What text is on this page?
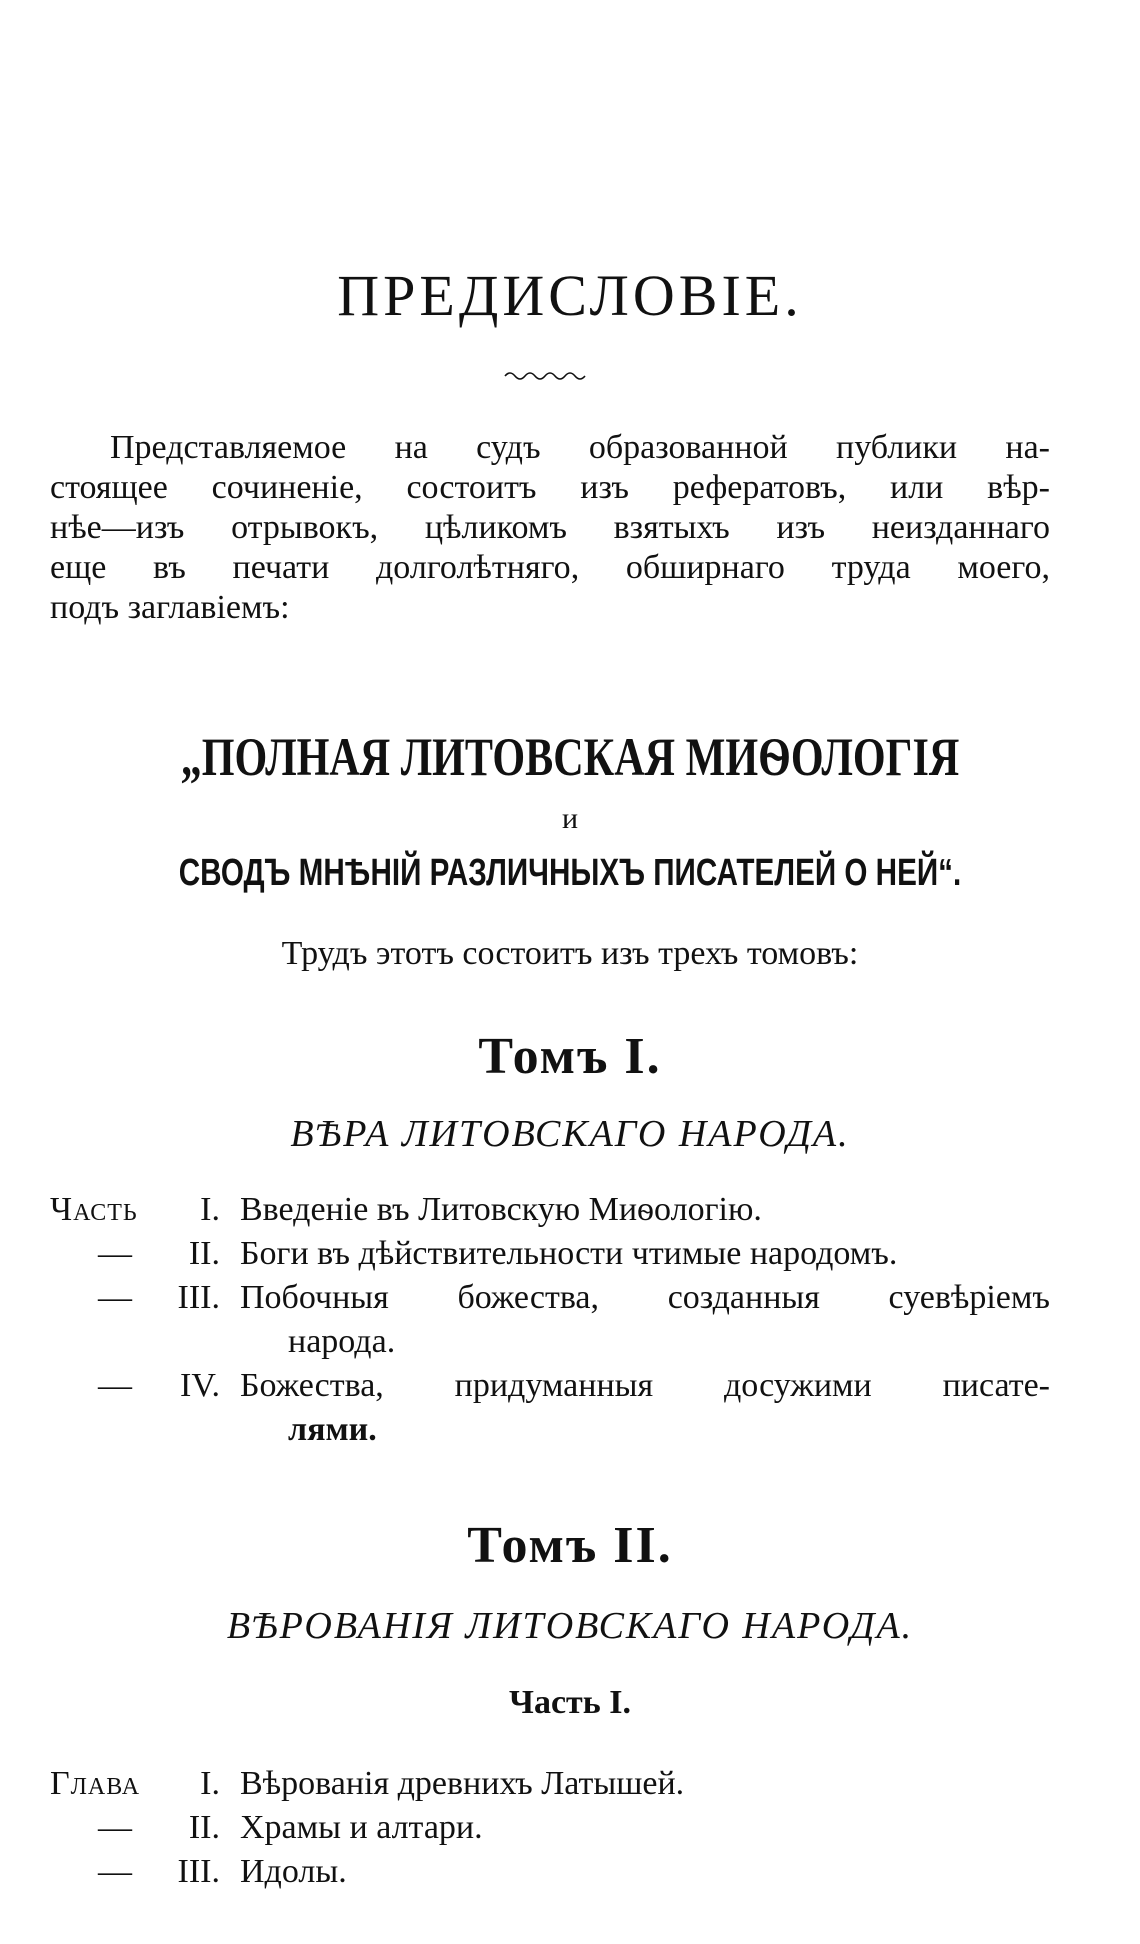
ПРЕДИСЛОВІЕ.
Представляемое на судъ образованной публики на-
стоящее сочиненіе, состоитъ изъ рефератовъ, или вѣр-
нѣе—изъ отрывокъ, цѣликомъ взятыхъ изъ неизданнаго
еще въ печати долголѣтняго, обширнаго труда моего,
подъ заглавіемъ:
„ПОЛНАЯ ЛИТОВСКАЯ МИѲОЛОГІЯ
и
СВОДЪ МНѢНІЙ РАЗЛИЧНЫХЪ ПИСАТЕЛЕЙ О НЕЙ“.
Трудъ этотъ состоитъ изъ трехъ томовъ:
Томъ I.
ВѢРА ЛИТОВСКАГО НАРОДА.
Часть	I. Введеніе въ Литовскую Миѳологію.
—	II. Боги въ дѣйствительности чтимые народомъ.
—	III. Побочныя божества, созданныя суевѣріемъ
народа.
—	IV. Божества, придуманныя досужими писате-
лями.
Томъ II.
ВѢРОВАНІЯ ЛИТОВСКАГО НАРОДА.
Часть I.
Глава	I. Вѣрованія древнихъ Латышей.
—	II. Храмы и алтари.
—	III. Идолы.
